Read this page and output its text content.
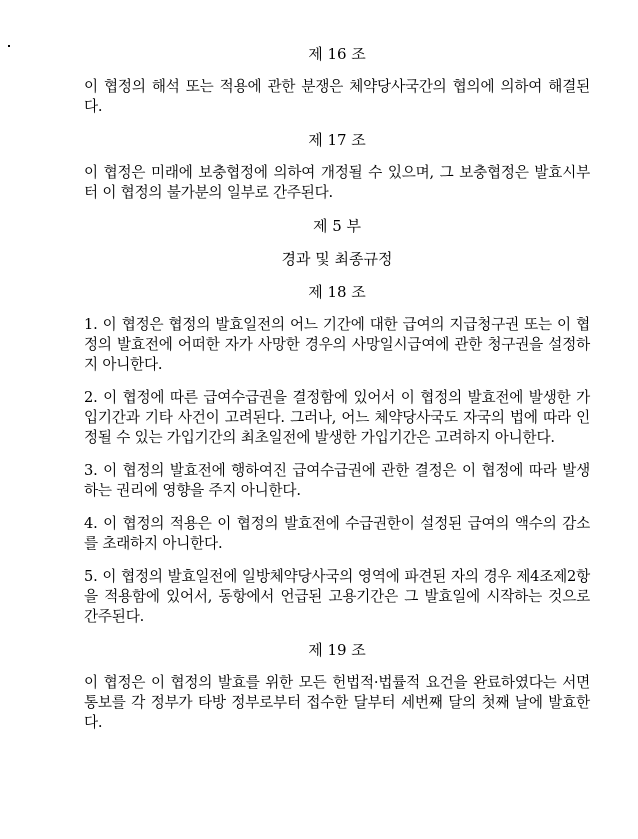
제 16 조

이 협정의 해석 또는 적용에 관한 분쟁은 체약당사국간의 협의에 의하여 해결된다.

제 17 조

이 협정은 미래에 보충협정에 의하여 개정될 수 있으며, 그 보충협정은 발효시부터 이 협정의 불가분의 일부로 간주된다.

제 5 부
경과 및 최종규정
제 18 조

1. 이 협정은 협정의 발효일전의 어느 기간에 대한 급여의 지급청구권 또는 이 협정의 발효전에 어떠한 자가 사망한 경우의 사망일시급여에 관한 청구권을 설정하지 아니한다.

2. 이 협정에 따른 급여수급권을 결정함에 있어서 이 협정의 발효전에 발생한 가입기간과 기타 사건이 고려된다. 그러나, 어느 체약당사국도 자국의 법에 따라 인정될 수 있는 가입기간의 최초일전에 발생한 가입기간은 고려하지 아니한다.

3. 이 협정의 발효전에 행하여진 급여수급권에 관한 결정은 이 협정에 따라 발생하는 권리에 영향을 주지 아니한다.

4. 이 협정의 적용은 이 협정의 발효전에 수급권한이 설정된 급여의 액수의 감소를 초래하지 아니한다.

5. 이 협정의 발효일전에 일방체약당사국의 영역에 파견된 자의 경우 제4조제2항을 적용함에 있어서, 동항에서 언급된 고용기간은 그 발효일에 시작하는 것으로 간주된다.

제 19 조

이 협정은 이 협정의 발효를 위한 모든 헌법적·법률적 요건을 완료하였다는 서면통보를 각 정부가 타방 정부로부터 접수한 달부터 세번째 달의 첫째 날에 발효한다.
